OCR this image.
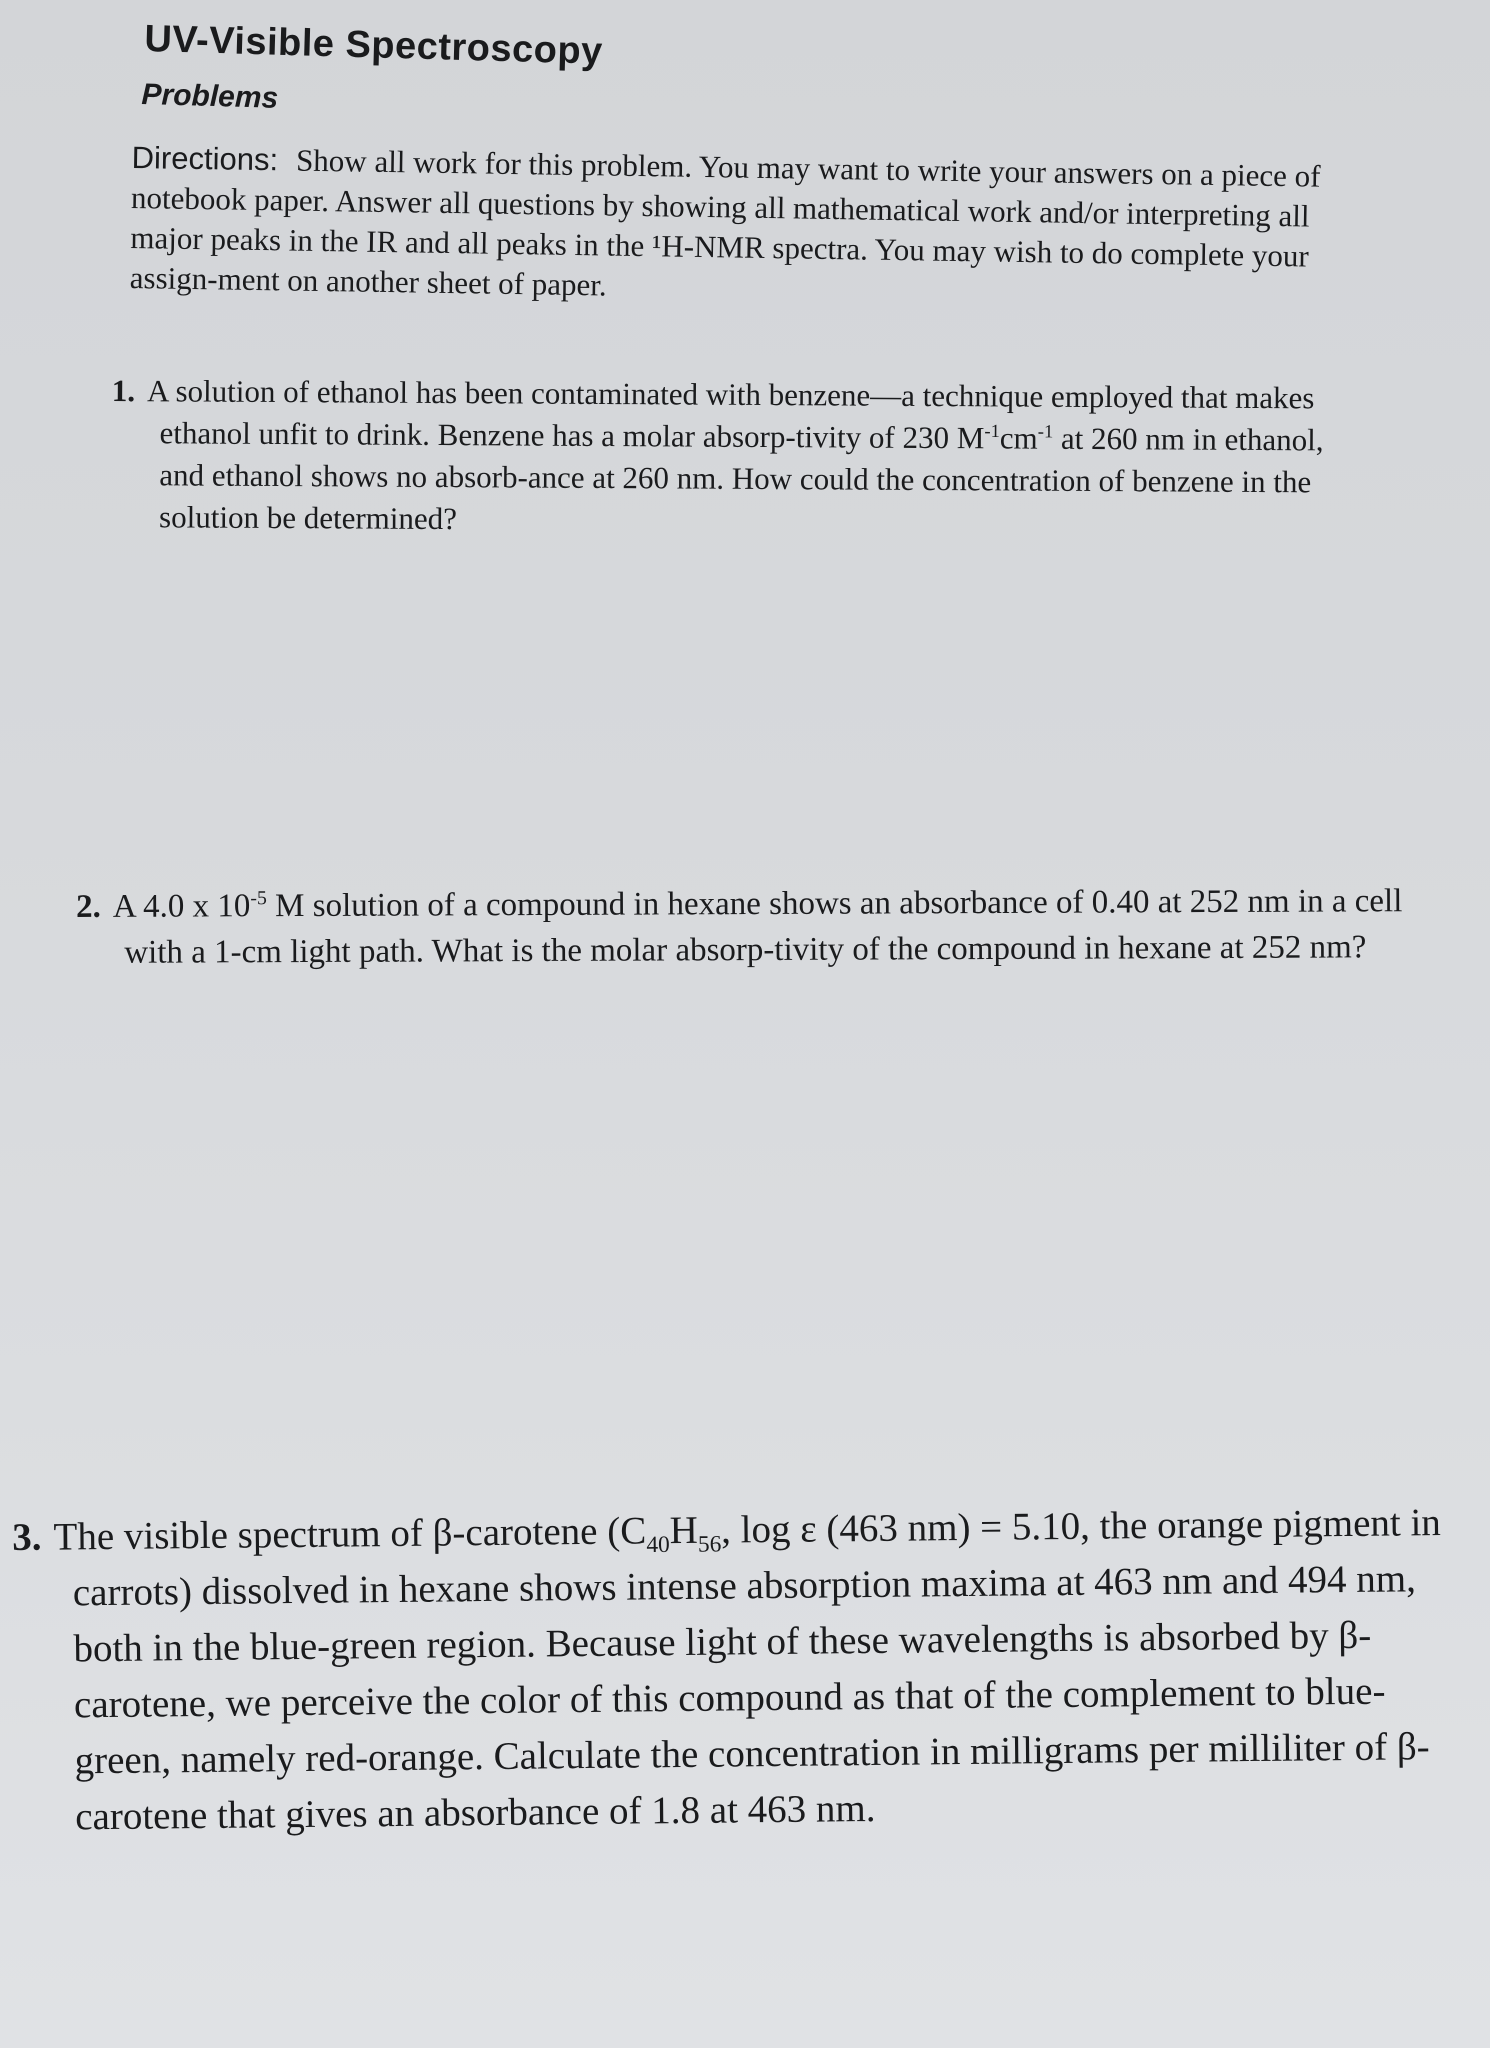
UV-Visible Spectroscopy
Problems
Directions: Show all work for this problem. You may want to write your answers on a piece of notebook paper. Answer all questions by showing all mathematical work and/or interpreting all major peaks in the IR and all peaks in the ¹H-NMR spectra. You may wish to do complete your assign-ment on another sheet of paper.
1. A solution of ethanol has been contaminated with benzene—a technique employed that makes ethanol unfit to drink. Benzene has a molar absorp-tivity of 230 $M^{-1}cm^{-1}$ at 260 nm in ethanol, and ethanol shows no absorb-ance at 260 nm. How could the concentration of benzene in the solution be determined?
2. A 4.0 x $10^{-5}$ M solution of a compound in hexane shows an absorbance of 0.40 at 252 nm in a cell with a 1-cm light path. What is the molar absorp-tivity of the compound in hexane at 252 nm?
3. The visible spectrum of β-carotene ($C_{40}H_{56}$, log ε (463 nm) = 5.10, the orange pigment in carrots) dissolved in hexane shows intense absorption maxima at 463 nm and 494 nm, both in the blue-green region. Because light of these wavelengths is absorbed by β-carotene, we perceive the color of this compound as that of the complement to blue-green, namely red-orange. Calculate the concentration in milligrams per milliliter of β-carotene that gives an absorbance of 1.8 at 463 nm.
